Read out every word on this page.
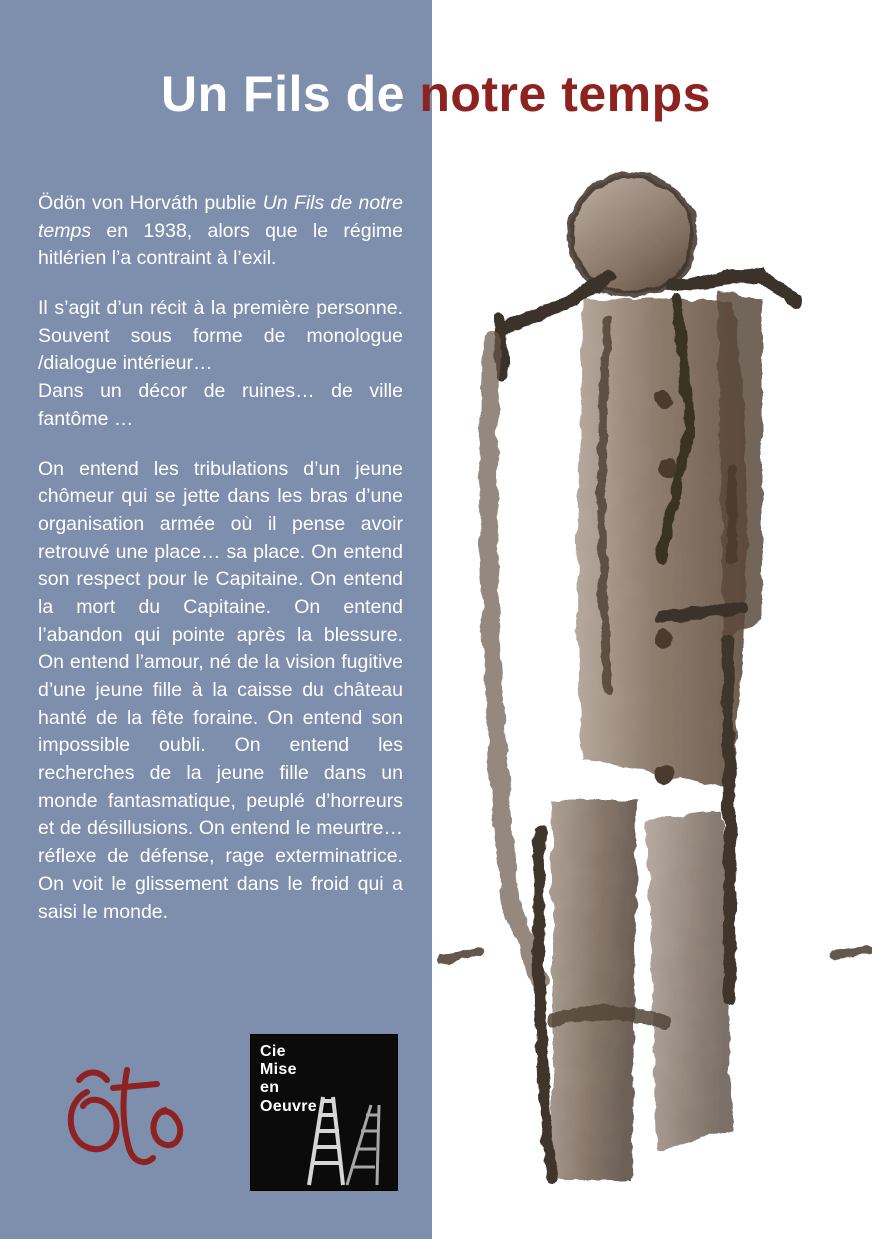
Un Fils de notre temps

Ödön von Horváth publie Un Fils de notre temps en 1938, alors que le régime hitlérien l’a contraint à l’exil.

Il s’agit d’un récit à la première personne. Souvent sous forme de monologue /dialogue intérieur…

Dans un décor de ruines… de ville fantôme …

On entend les tribulations d’un jeune chômeur qui se jette dans les bras d’une organisation armée où il pense avoir retrouvé une place… sa place. On entend son respect pour le Capitaine. On entend la mort du Capitaine. On entend l’abandon qui pointe après la blessure. On entend l’amour, né de la vision fugitive d’une jeune fille à la caisse du château hanté de la fête foraine. On entend son impossible oubli. On entend les recherches de la jeune fille dans un monde fantasmatique, peuplé d’horreurs et de désillusions. On entend le meurtre… réflexe de défense, rage exterminatrice. On voit le glissement dans le froid qui a saisi le monde.

Cie
Mise
en
Oeuvre
